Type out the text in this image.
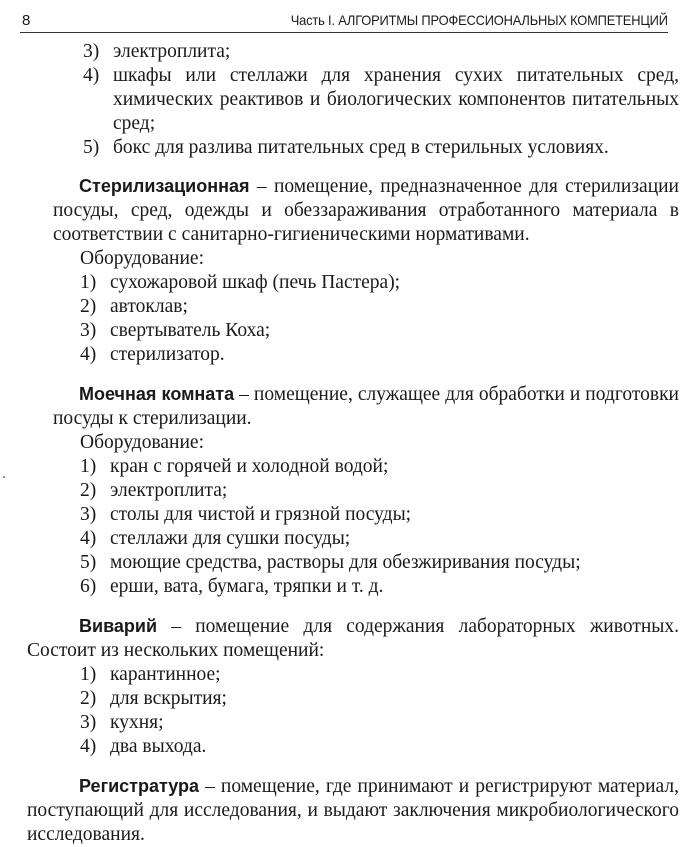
8	Часть I. АЛГОРИТМЫ ПРОФЕССИОНАЛЬНЫХ КОМПЕТЕНЦИЙ
3) электроплита;
4) шкафы или стеллажи для хранения сухих питательных сред, химических реактивов и биологических компонентов питательных сред;
5) бокс для разлива питательных сред в стерильных условиях.
Стерилизационная – помещение, предназначенное для стерилизации посуды, сред, одежды и обеззараживания отработанного материала в соответствии с санитарно-гигиеническими нормативами.
Оборудование:
1) сухожаровой шкаф (печь Пастера);
2) автоклав;
3) свертыватель Коха;
4) стерилизатор.
Моечная комната – помещение, служащее для обработки и подготовки посуды к стерилизации.
Оборудование:
1) кран с горячей и холодной водой;
2) электроплита;
3) столы для чистой и грязной посуды;
4) стеллажи для сушки посуды;
5) моющие средства, растворы для обезжиривания посуды;
6) ерши, вата, бумага, тряпки и т. д.
Виварий – помещение для содержания лабораторных животных. Состоит из нескольких помещений:
1) карантинное;
2) для вскрытия;
3) кухня;
4) два выхода.
Регистратура – помещение, где принимают и регистрируют материал, поступающий для исследования, и выдают заключения микробиологического исследования.
